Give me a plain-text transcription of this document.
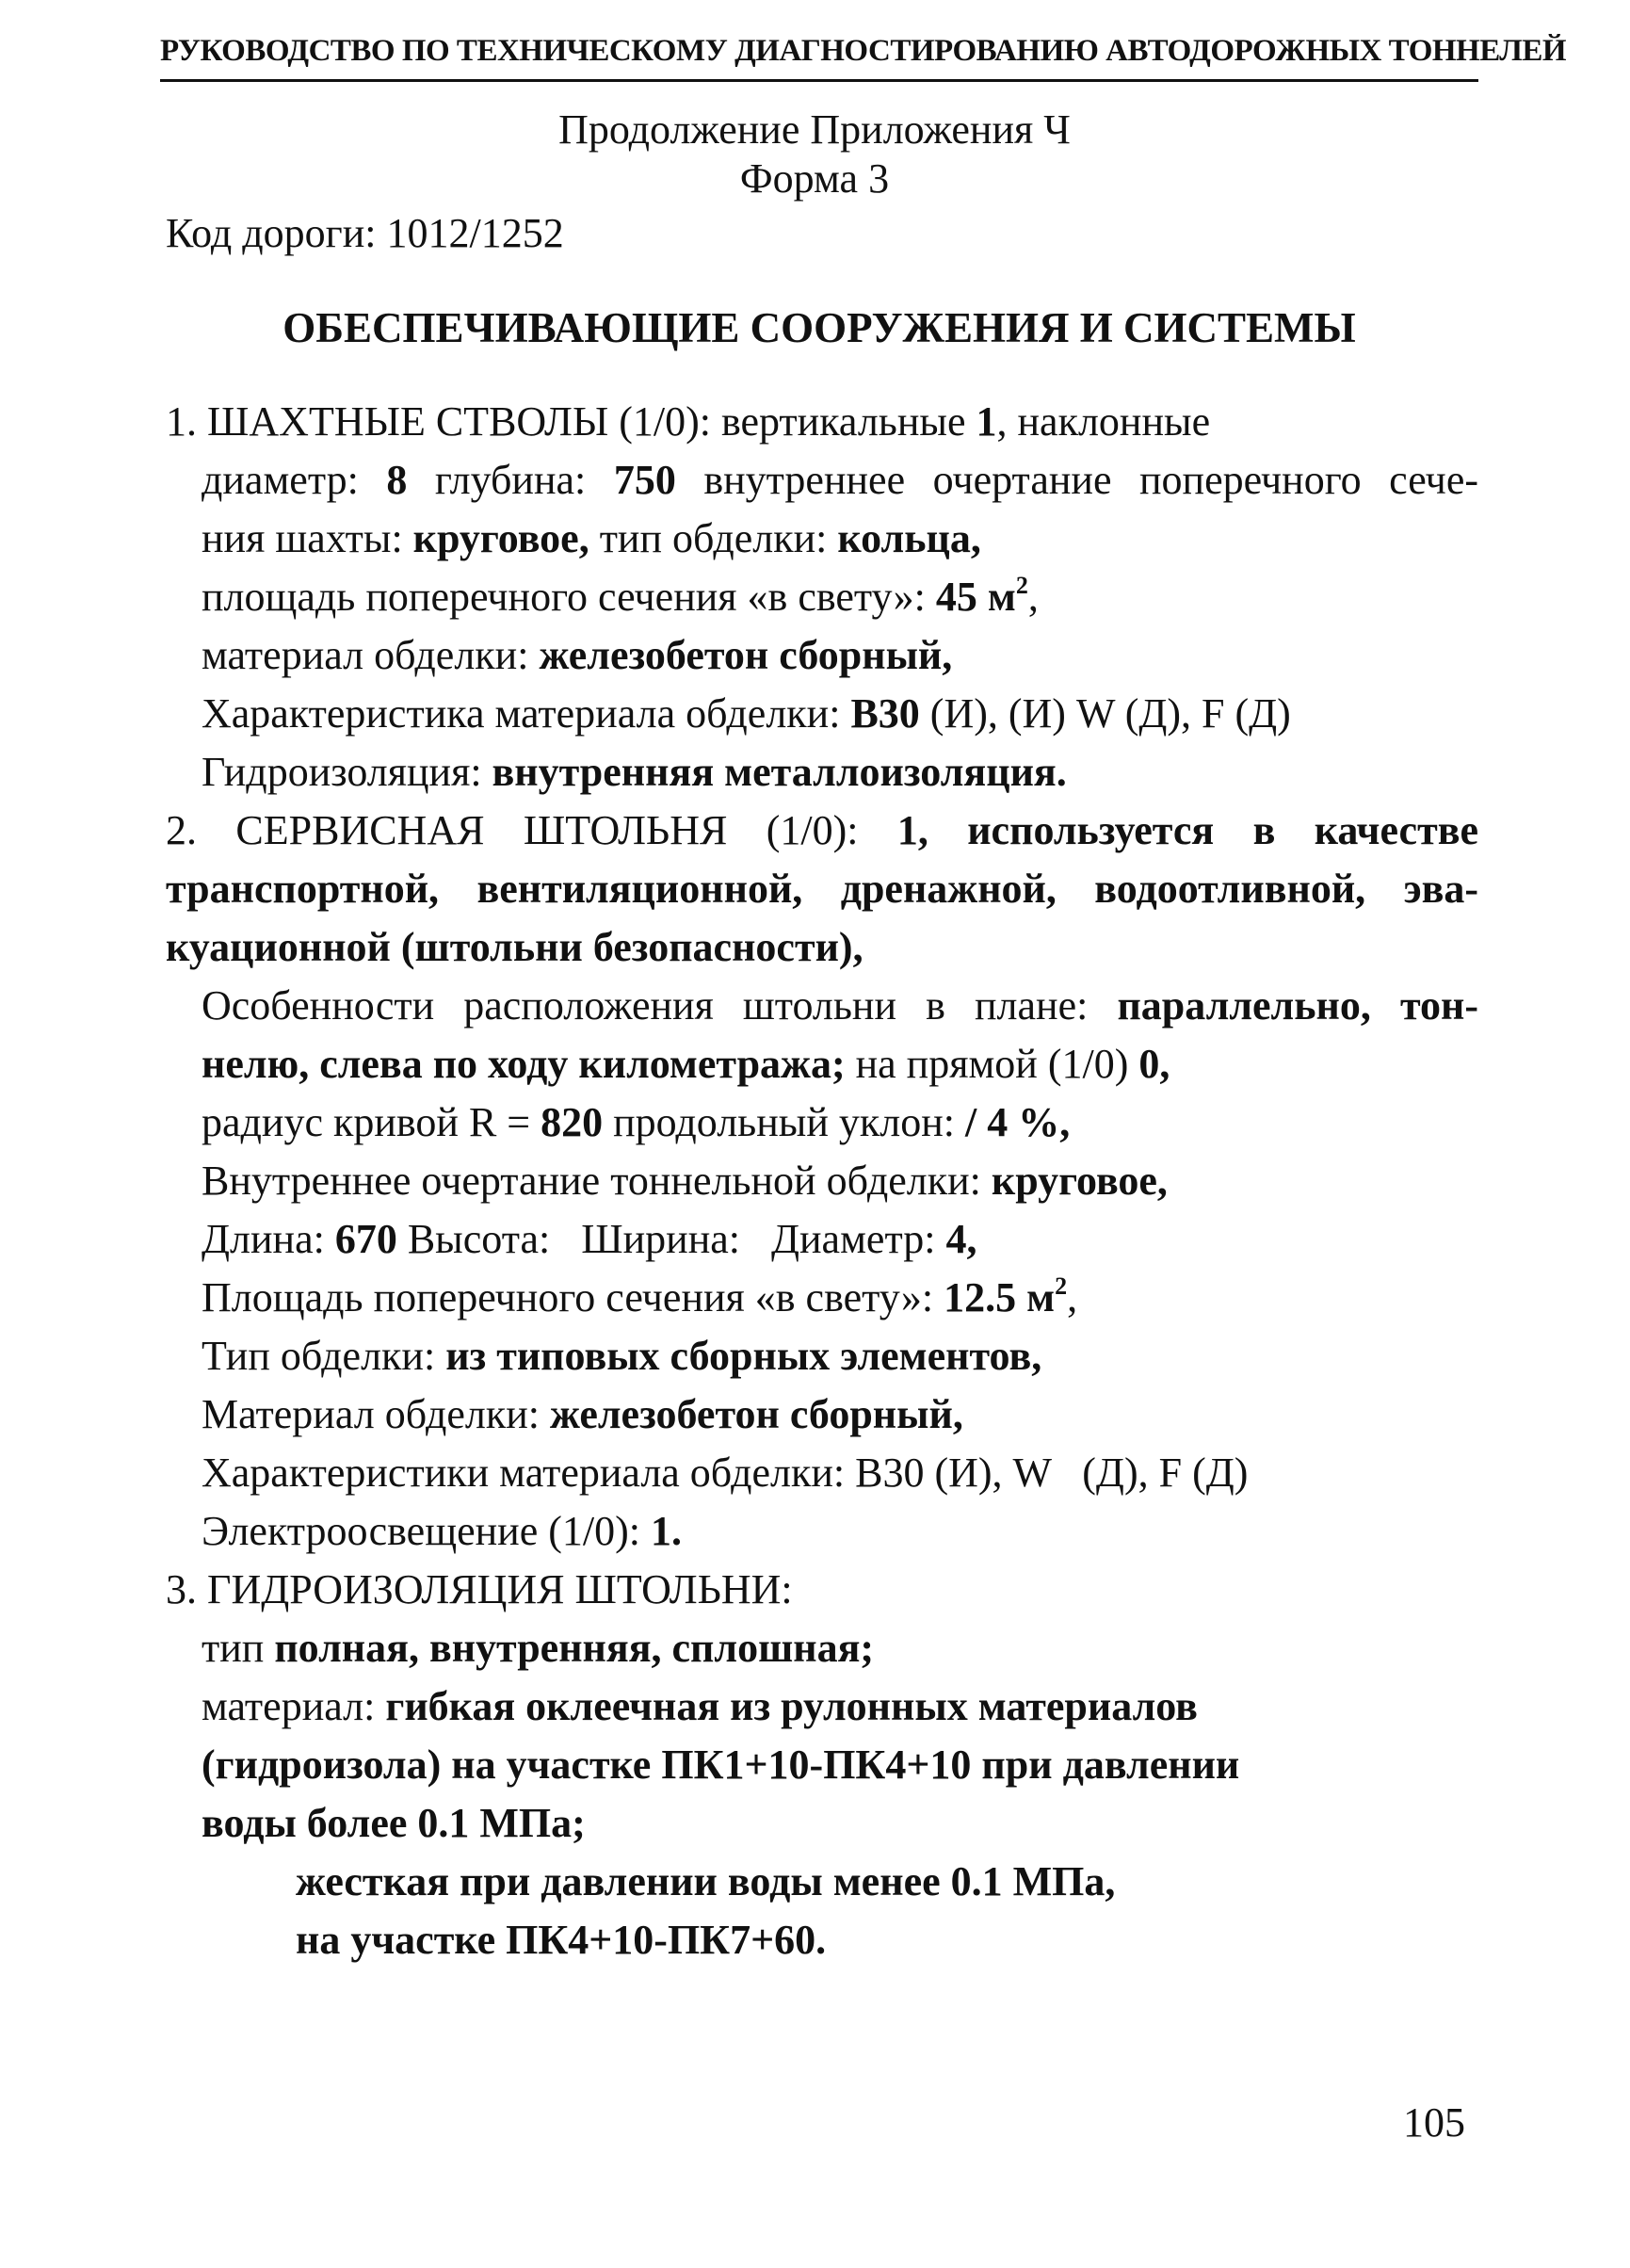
РУКОВОДСТВО ПО ТЕХНИЧЕСКОМУ ДИАГНОСТИРОВАНИЮ АВТОДОРОЖНЫХ ТОННЕЛЕЙ
Продолжение Приложения Ч
Форма 3
Код дороги: 1012/1252
ОБЕСПЕЧИВАЮЩИЕ СООРУЖЕНИЯ И СИСТЕМЫ
1. ШАХТНЫЕ СТВОЛЫ (1/0): вертикальные 1, наклонные
диаметр: 8 глубина: 750 внутреннее очертание поперечного сече-
ния шахты: круговое, тип обделки: кольца,
площадь поперечного сечения «в свету»: 45 $м^2$,
материал обделки: железобетон сборный,
Характеристика материала обделки: В30 (И), (И) W (Д), F (Д)
Гидроизоляция: внутренняя металлоизоляция.
2. СЕРВИСНАЯ ШТОЛЬНЯ (1/0): 1, используется в качестве
транспортной, вентиляционной, дренажной, водоотливной, эва-
куационной (штольни безопасности),
Особенности расположения штольни в плане: параллельно, тон-
нелю, слева по ходу километража; на прямой (1/0) 0,
радиус кривой R = 820 продольный уклон: / 4 %,
Внутреннее очертание тоннельной обделки: круговое,
Длина: 670 Высота:   Ширина:   Диаметр: 4,
Площадь поперечного сечения «в свету»: 12.5 $м^2$,
Тип обделки: из типовых сборных элементов,
Материал обделки: железобетон сборный,
Характеристики материала обделки: В30 (И), W   (Д), F (Д)
Электроосвещение (1/0): 1.
3. ГИДРОИЗОЛЯЦИЯ ШТОЛЬНИ:
тип полная, внутренняя, сплошная;
материал: гибкая оклеечная из рулонных материалов
(гидроизола) на участке ПК1+10-ПК4+10 при давлении
воды более 0.1 МПа;
жесткая при давлении воды менее 0.1 МПа,
на участке ПК4+10-ПК7+60.
105
